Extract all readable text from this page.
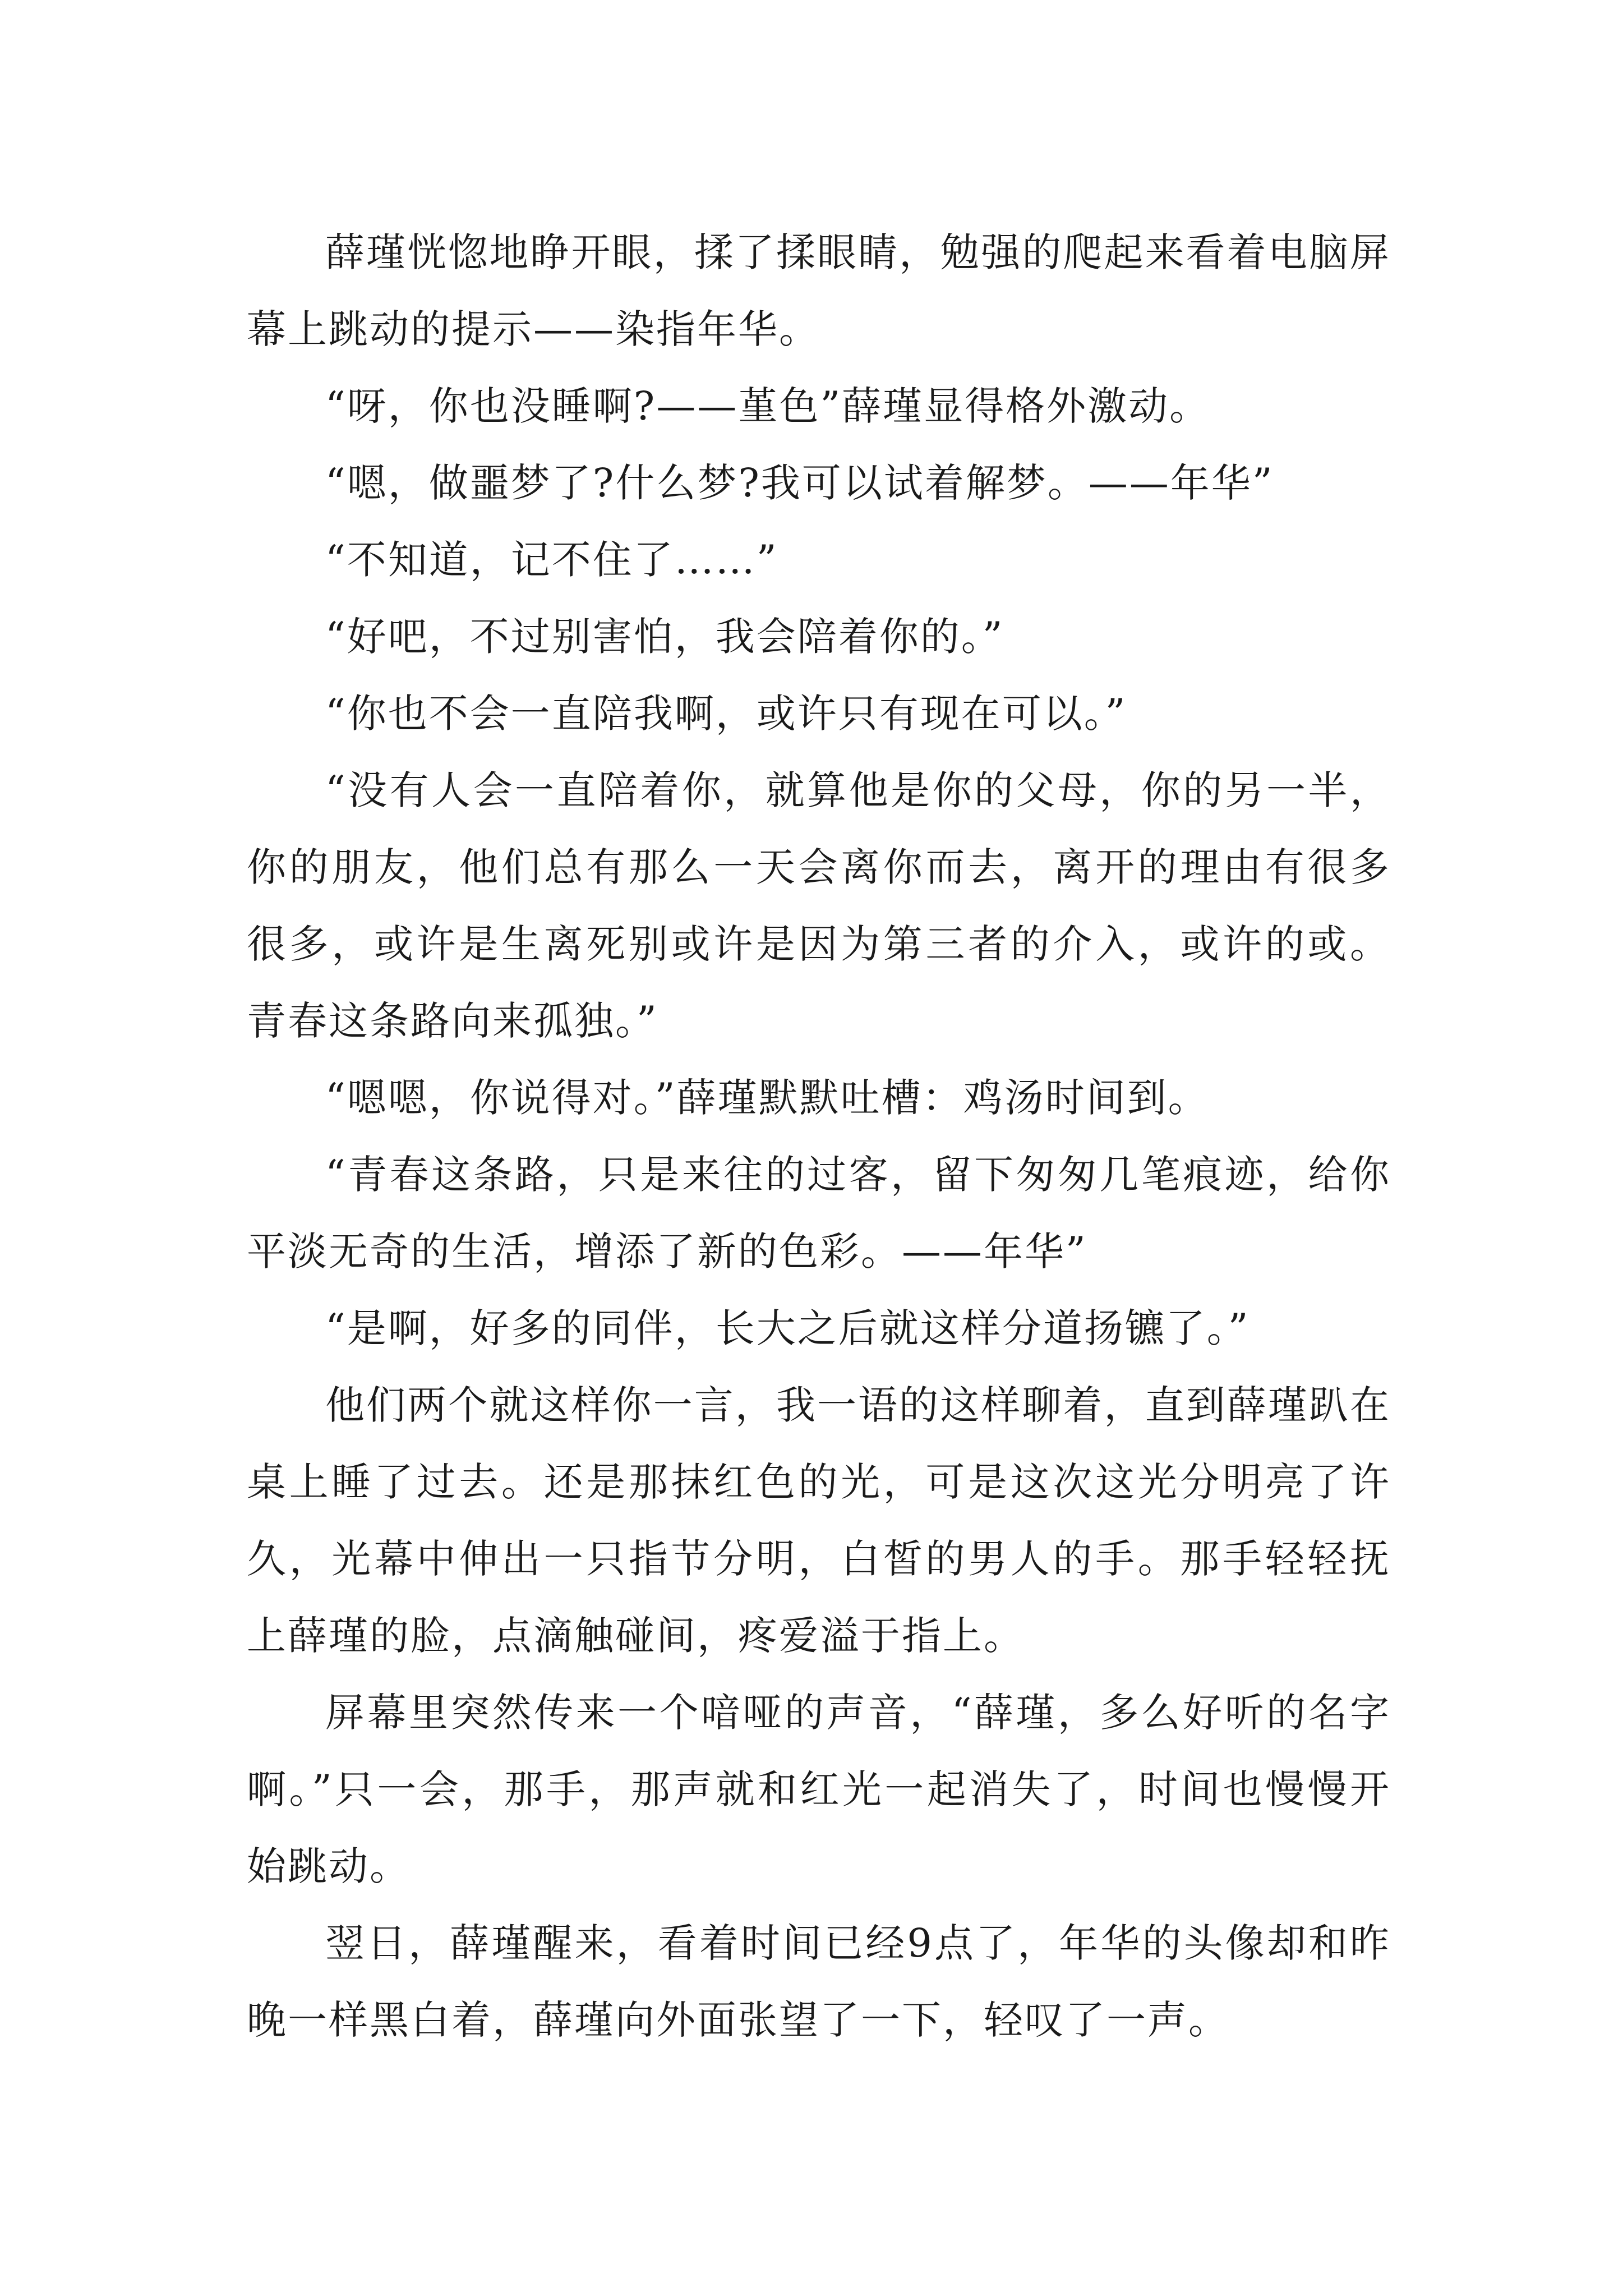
薛瑾恍惚地睁开眼，揉了揉眼睛，勉强的爬起来看着电脑屏幕上跳动的提示——染指年华。

“呀，你也没睡啊?——堇色”薛瑾显得格外激动。

“嗯，做噩梦了?什么梦?我可以试着解梦。——年华”

“不知道，记不住了……”

“好吧，不过别害怕，我会陪着你的。”

“你也不会一直陪我啊，或许只有现在可以。”

“没有人会一直陪着你，就算他是你的父母，你的另一半，你的朋友，他们总有那么一天会离你而去，离开的理由有很多很多，或许是生离死别或许是因为第三者的介入，或许的或。青春这条路向来孤独。”

“嗯嗯，你说得对。”薛瑾默默吐槽：鸡汤时间到。

“青春这条路，只是来往的过客，留下匆匆几笔痕迹，给你平淡无奇的生活，增添了新的色彩。——年华”

“是啊，好多的同伴，长大之后就这样分道扬镳了。”

他们两个就这样你一言，我一语的这样聊着，直到薛瑾趴在桌上睡了过去。还是那抹红色的光，可是这次这光分明亮了许久，光幕中伸出一只指节分明，白皙的男人的手。那手轻轻抚上薛瑾的脸，点滴触碰间，疼爱溢于指上。

屏幕里突然传来一个喑哑的声音，“薛瑾，多么好听的名字啊。”只一会，那手，那声就和红光一起消失了，时间也慢慢开始跳动。

翌日，薛瑾醒来，看着时间已经9点了，年华的头像却和昨晚一样黑白着，薛瑾向外面张望了一下，轻叹了一声。
